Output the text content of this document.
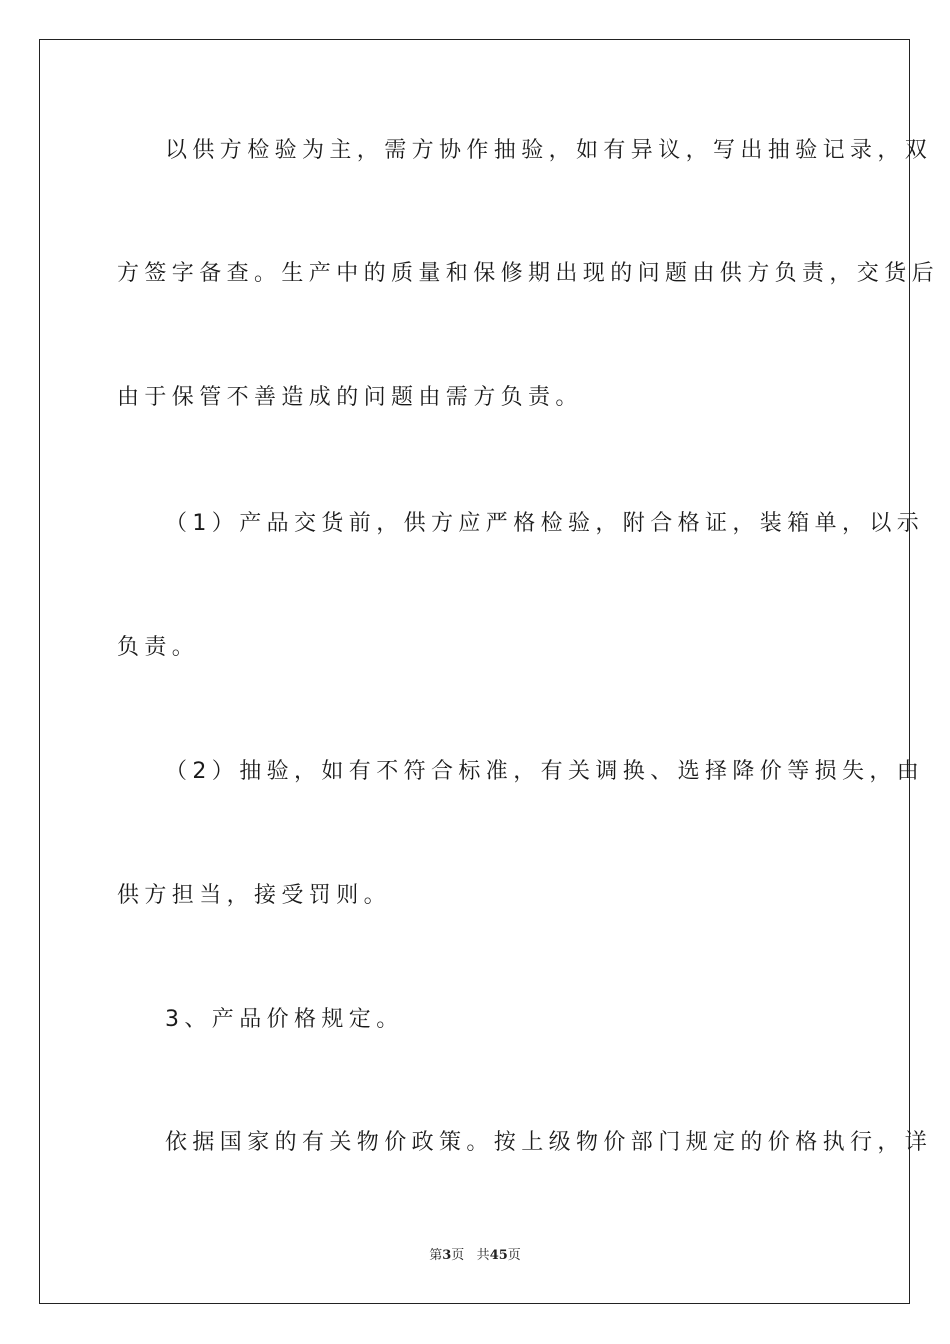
以供方检验为主，需方协作抽验，如有异议，写出抽验记录，双
方签字备查。生产中的质量和保修期出现的问题由供方负责，交货后
由于保管不善造成的问题由需方负责。
（1）产品交货前，供方应严格检验，附合格证，装箱单，以示
负责。
（2）抽验，如有不符合标准，有关调换、选择降价等损失，由
供方担当，接受罚则。
3、产品价格规定。
依据国家的有关物价政策。按上级物价部门规定的价格执行，详
第3页 共45页
